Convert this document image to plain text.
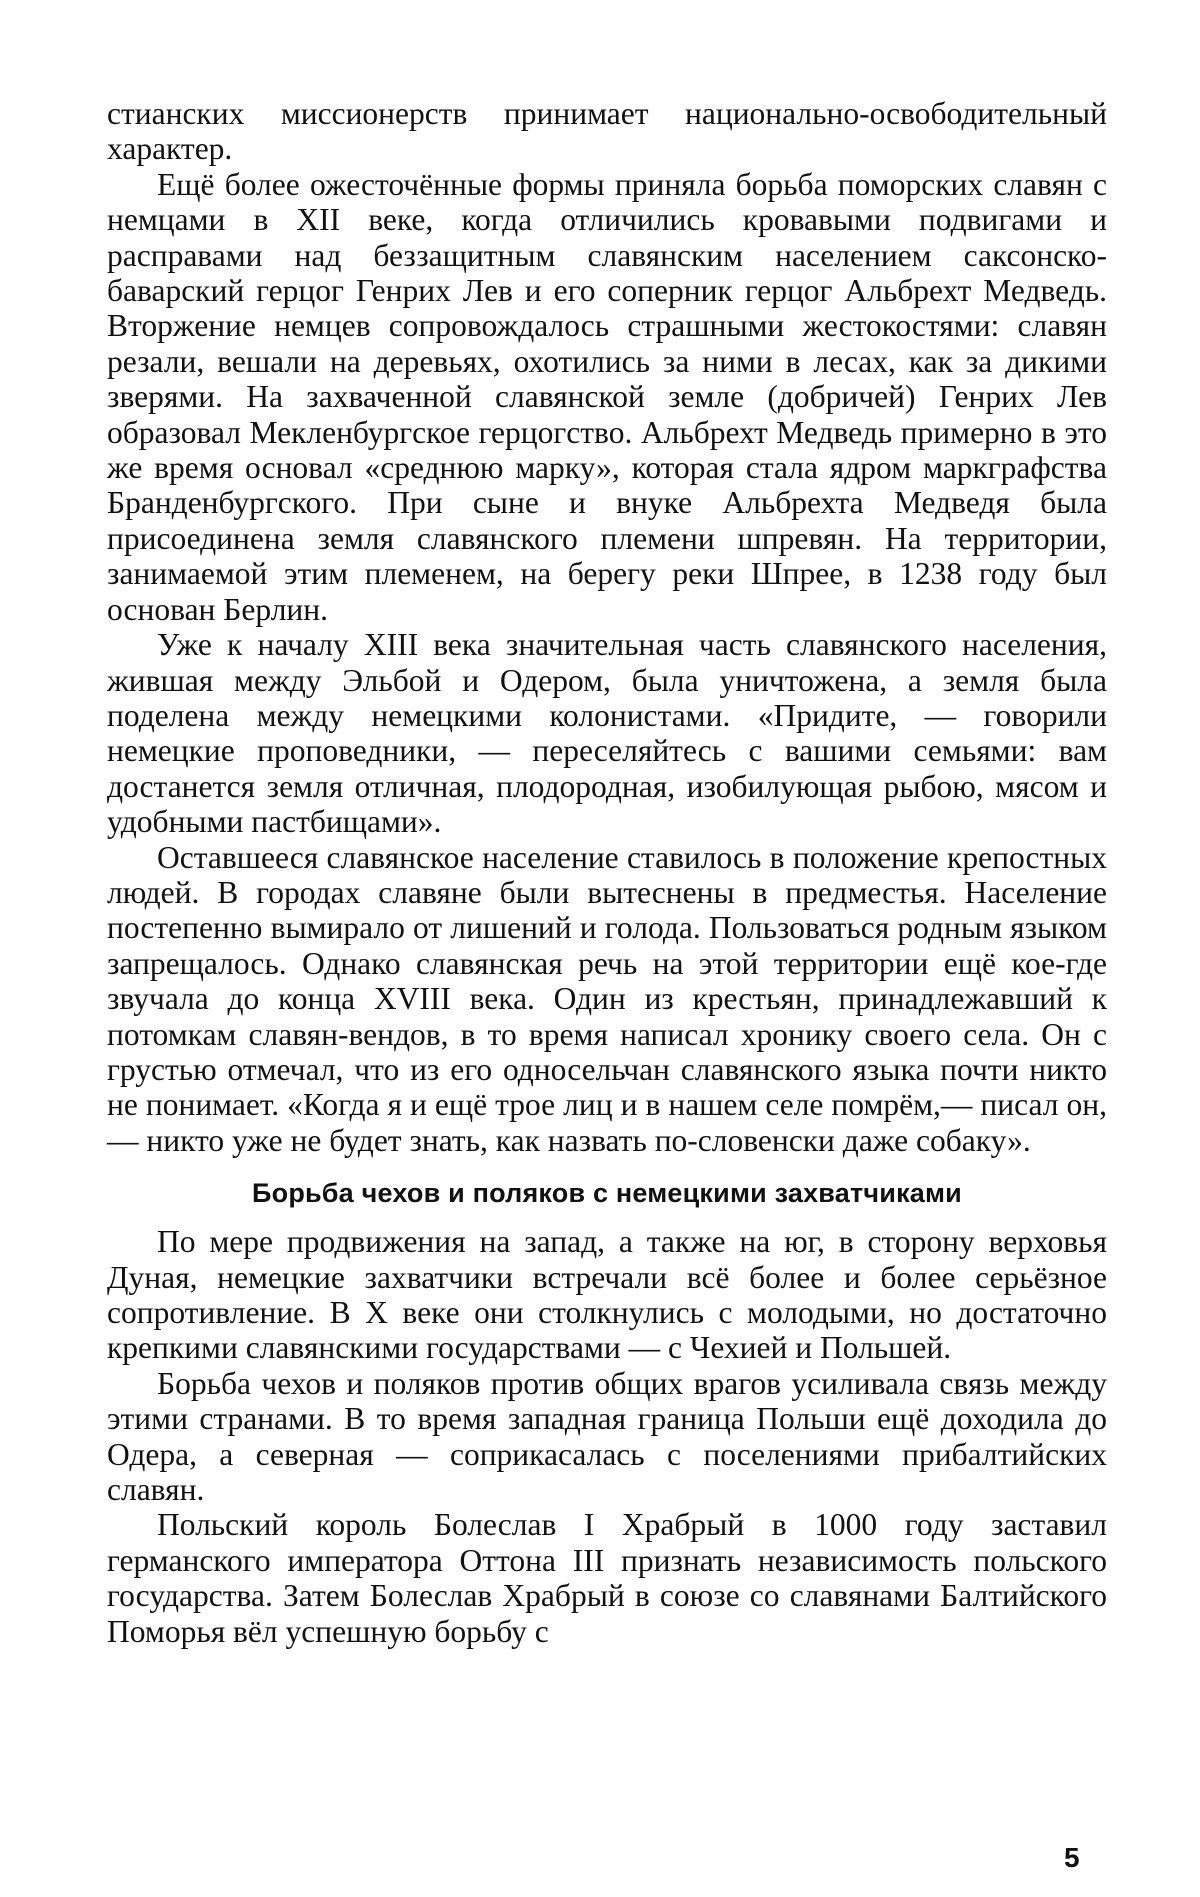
стианских миссионерств принимает национально-освободительный характер.

Ещё более ожесточённые формы приняла борьба поморских славян с немцами в XII веке, когда отличились кровавыми подвигами и расправами над беззащитным славянским населением саксонско-баварский герцог Генрих Лев и его соперник герцог Альбрехт Медведь. Вторжение немцев сопровождалось страшными жестокостями: славян резали, вешали на деревьях, охотились за ними в лесах, как за дикими зверями. На захваченной славянской земле (добричей) Генрих Лев образовал Мекленбургское герцогство. Альбрехт Медведь примерно в это же время основал «среднюю марку», которая стала ядром маркграфства Бранденбургского. При сыне и внуке Альбрехта Медведя была присоединена земля славянского племени шпревян. На территории, занимаемой этим племенем, на берегу реки Шпрее, в 1238 году был основан Берлин.

Уже к началу XIII века значительная часть славянского населения, жившая между Эльбой и Одером, была уничтожена, а земля была поделена между немецкими колонистами. «Придите, — говорили немецкие проповедники, — переселяйтесь с вашими семьями: вам достанется земля отличная, плодородная, изобилующая рыбою, мясом и удобными пастбищами».

Оставшееся славянское население ставилось в положение крепостных людей. В городах славяне были вытеснены в предместья. Население постепенно вымирало от лишений и голода. Пользоваться родным языком запрещалось. Однако славянская речь на этой территории ещё кое-где звучала до конца XVIII века. Один из крестьян, принадлежавший к потомкам славян-вендов, в то время написал хронику своего села. Он с грустью отмечал, что из его односельчан славянского языка почти никто не понимает. «Когда я и ещё трое лиц и в нашем селе помрём,— писал он,— никто уже не будет знать, как назвать по-словенски даже собаку».

Борьба чехов и поляков с немецкими захватчиками

По мере продвижения на запад, а также на юг, в сторону верховья Дуная, немецкие захватчики встречали всё более и более серьёзное сопротивление. В X веке они столкнулись с молодыми, но достаточно крепкими славянскими государствами — с Чехией и Польшей.

Борьба чехов и поляков против общих врагов усиливала связь между этими странами. В то время западная граница Польши ещё доходила до Одера, а северная — соприкасалась с поселениями прибалтийских славян.

Польский король Болеслав I Храбрый в 1000 году заставил германского императора Оттона III признать независимость польского государства. Затем Болеслав Храбрый в союзе со славянами Балтийского Поморья вёл успешную борьбу с

5
